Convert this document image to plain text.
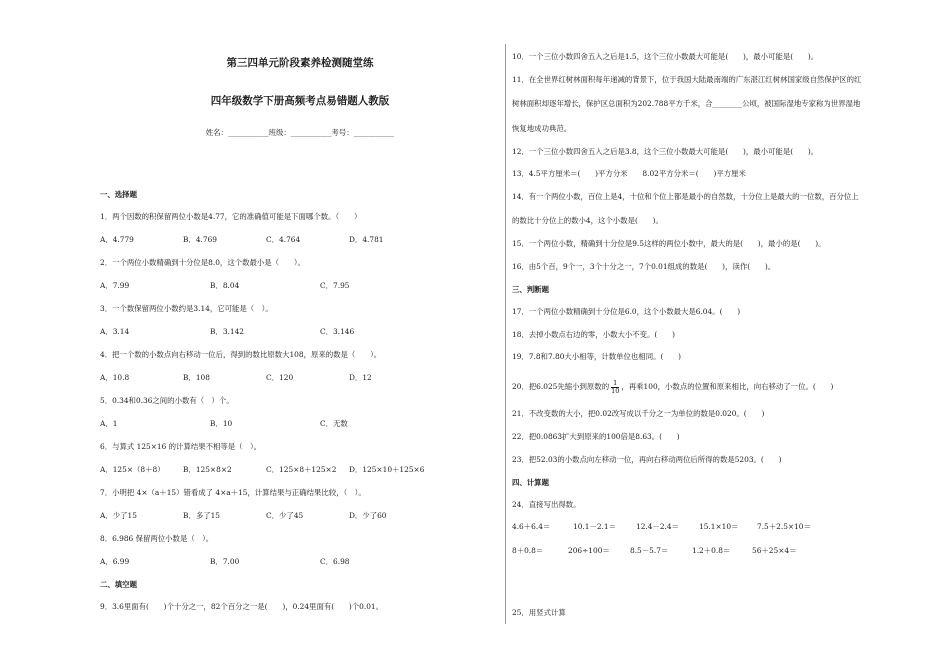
第三四单元阶段素养检测随堂练
四年级数学下册高频考点易错题人教版
姓名：___________班级：___________考号：___________
一、选择题
1．两个因数的积保留两位小数是4.77，它的准确值可能是下面哪个数。（　　）
A．4.779	B．4.769	C．4.764	D．4.781
2．一个两位小数精确到十分位是8.0，这个数最小是（　　）。
A．7.99	B．8.04	C．7.95
3．一个数保留两位小数约是3.14，它可能是（　）。
A．3.14	B．3.142	C．3.146
4．把一个数的小数点向右移动一位后，得到的数比原数大108，原来的数是（　　）。
A．10.8	B．108	C．120	D．12
5．0.34和0.36之间的小数有（　）个。
A．1	B．10	C．无数
6．与算式 125×16 的计算结果不相等是（　）。
A．125×（8＋8） B．125×8×2	C．125×8＋125×2 D．125×10＋125×6
7．小明把 4×（a＋15）错看成了 4×a＋15，计算结果与正确结果比较，（　）。
A．少了15	B．多了15	C．少了45	D．少了60
8．6.986 保留两位小数是（　）。
A．6.99	B．7.00	C．6.98
二、填空题
9．3.6里面有(　　)个十分之一，82个百分之一是(　　)，0.24里面有(　　)个0.01。
10．一个三位小数四舍五入之后是1.5，这个三位小数最大可能是(　　)，最小可能是(　　)。
11．在全世界红树林面积每年递减的背景下，位于我国大陆最南端的广东湛江红树林国家级自然保护区的红
树林面积却逐年增长，保护区总面积为202.788平方千米，合________公顷，被国际湿地专家称为世界湿地
恢复地成功典范。
12．一个三位小数四舍五入之后是3.8，这个三位小数最大可能是(　　)，最小可能是(　　)。
13．4.5平方厘米＝(　　)平方分米　　8.02平方分米＝(　　)平方厘米
14．有一个两位小数，百位上是4，十位和个位上都是最小的自然数，十分位上是最大的一位数，百分位上
的数比十分位上的数小4，这个小数是(　　)。
15．一个两位小数，精确到十分位是9.5这样的两位小数中，最大的是(　　)，最小的是(　　)。
16．由5个百，9个一，3个十分之一，7个0.01组成的数是(　　)，读作(　　)。
三、判断题
17．一个两位小数精确到十分位是6.0，这个小数最大是6.04。(　　)
18．去掉小数点右边的零，小数大小不变。(　　)
19．7.8和7.80大小相等，计数单位也相同。(　　)
20．把6.025先缩小到原数的 $\frac{1}{10}$ ，再乘100，小数点的位置和原来相比，向右移动了一位。(　　)
21．不改变数的大小，把0.02改写成以千分之一为单位的数是0.020。(　　)
22．把0.0863扩大到原来的100倍是8.63。(　　)
23．把52.03的小数点向左移动一位，再向右移动两位后所得的数是5203。(　　)
四、计算题
24．直接写出得数。
4.6＋6.4＝	10.1－2.1＝	12.4－2.4＝	15.1×10＝	7.5＋2.5×10＝
8＋0.8＝	206÷100＝	8.5－5.7＝	1.2＋0.8＝	56＋25×4＝
25．用竖式计算
